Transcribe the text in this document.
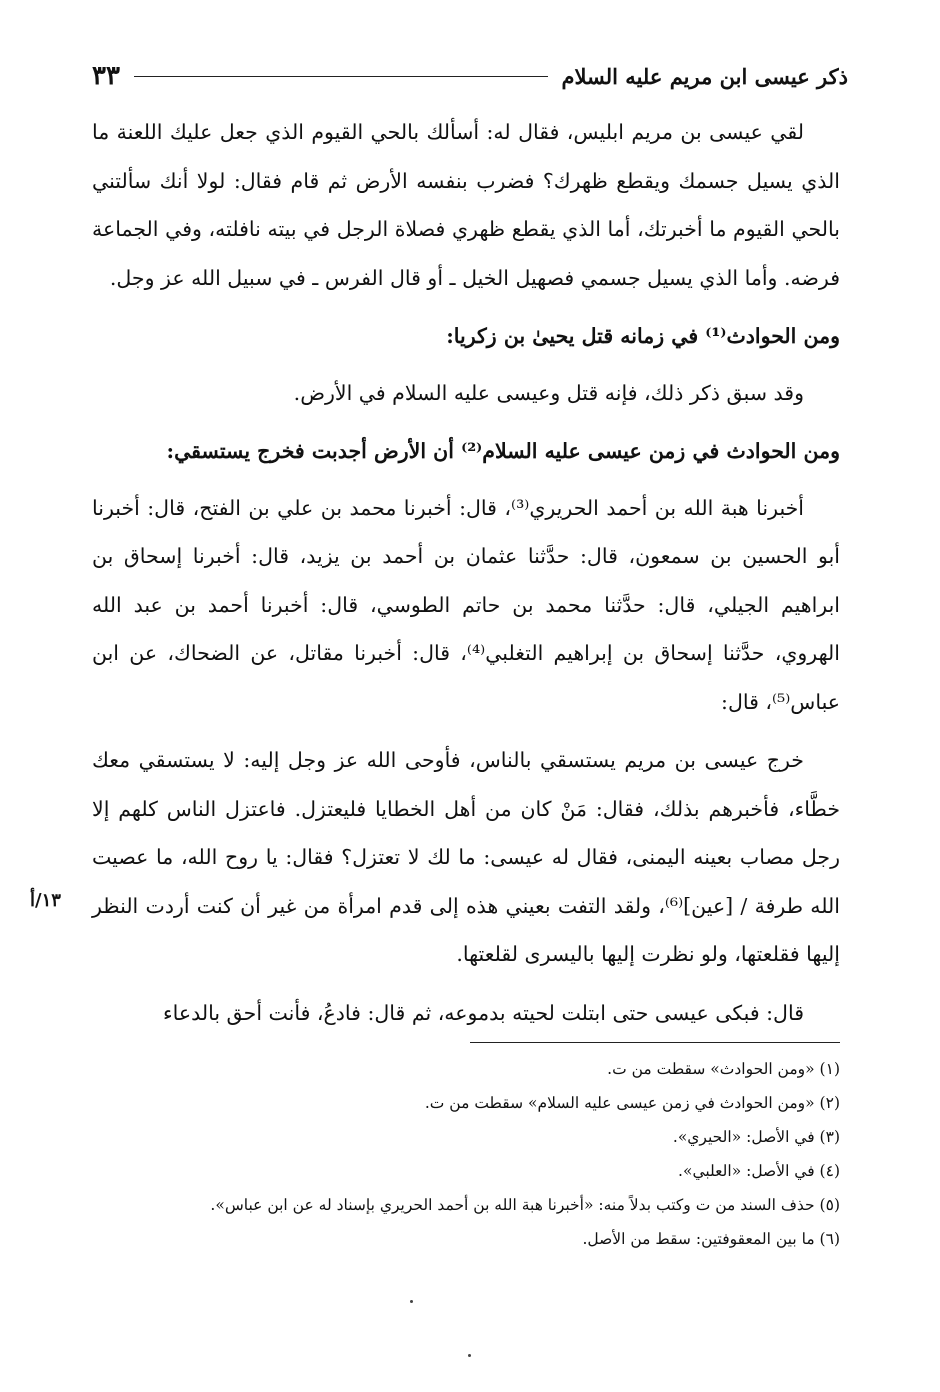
ذكر عيسى ابن مريم عليه السلام
٣٣

لقي عيسى بن مريم ابليس، فقال له: أسألك بالحي القيوم الذي جعل عليك اللعنة ما الذي يسيل جسمك ويقطع ظهرك؟ فضرب بنفسه الأرض ثم قام فقال: لولا أنك سألتني بالحي القيوم ما أخبرتك، أما الذي يقطع ظهري فصلاة الرجل في بيته نافلته، وفي الجماعة فرضه. وأما الذي يسيل جسمي فصهيل الخيل ـ أو قال الفرس ـ في سبيل الله عز وجل.

ومن الحوادث⁽¹⁾ في زمانه قتل يحيىٰ بن زكريا:

وقد سبق ذكر ذلك، فإنه قتل وعيسى عليه السلام في الأرض.

ومن الحوادث في زمن عيسى عليه السلام⁽²⁾ أن الأرض أجدبت فخرج يستسقي:

أخبرنا هبة الله بن أحمد الحريري⁽³⁾، قال: أخبرنا محمد بن علي بن الفتح، قال: أخبرنا أبو الحسين بن سمعون، قال: حدَّثنا عثمان بن أحمد بن يزيد، قال: أخبرنا إسحاق بن ابراهيم الجيلي، قال: حدَّثنا محمد بن حاتم الطوسي، قال: أخبرنا أحمد بن عبد الله الهروي، حدَّثنا إسحاق بن إبراهيم التغلبي⁽⁴⁾، قال: أخبرنا مقاتل، عن الضحاك، عن ابن عباس⁽⁵⁾، قال:

خرج عيسى بن مريم يستسقي بالناس، فأوحى الله عز وجل إليه: لا يستسقي معك خطَّاء، فأخبرهم بذلك، فقال: مَنْ كان من أهل الخطايا فليعتزل. فاعتزل الناس كلهم إلا رجل مصاب بعينه اليمنى، فقال له عيسى: ما لك لا تعتزل؟ فقال: يا روح الله، ما عصيت الله طرفة / [عين]⁽⁶⁾، ولقد التفت بعيني هذه إلى قدم امرأة من غير أن كنت أردت النظر إليها فقلعتها، ولو نظرت إليها باليسرى لقلعتها.

قال: فبكى عيسى حتى ابتلت لحيته بدموعه، ثم قال: فادعُ، فأنت أحق بالدعاء

١٣/أ

(١) «ومن الحوادث» سقطت من ت.

(٢) «ومن الحوادث في زمن عيسى عليه السلام» سقطت من ت.

(٣) في الأصل: «الحيري».

(٤) في الأصل: «العلبي».

(٥) حذف السند من ت وكتب بدلاً منه: «أخبرنا هبة الله بن أحمد الحريري بإسناد له عن ابن عباس».

(٦) ما بين المعقوفتين: سقط من الأصل.
